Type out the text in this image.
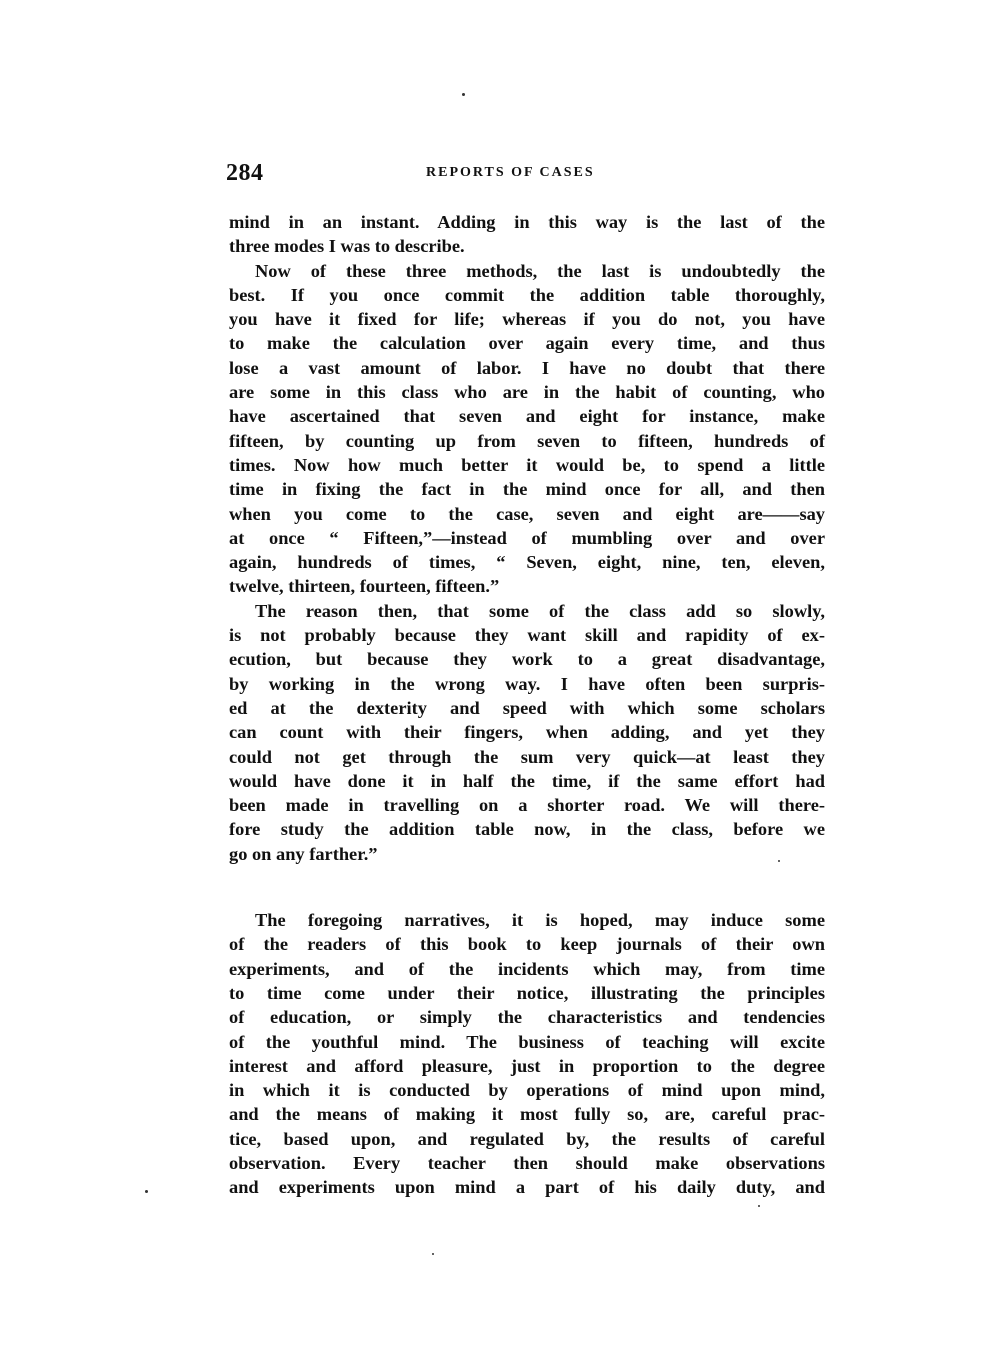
284	REPORTS OF CASES
mind in an instant. Adding in this way is the last of the
three modes I was to describe.
Now of these three methods, the last is undoubtedly the
best. If you once commit the addition table thoroughly,
you have it fixed for life; whereas if you do not, you have
to make the calculation over again every time, and thus
lose a vast amount of labor. I have no doubt that there
are some in this class who are in the habit of counting, who
have ascertained that seven and eight for instance, make
fifteen, by counting up from seven to fifteen, hundreds of
times. Now how much better it would be, to spend a little
time in fixing the fact in the mind once for all, and then
when you come to the case, seven and eight are——say
at once “ Fifteen,”—instead of mumbling over and over
again, hundreds of times, “ Seven, eight, nine, ten, eleven,
twelve, thirteen, fourteen, fifteen.”
The reason then, that some of the class add so slowly,
is not probably because they want skill and rapidity of ex-
ecution, but because they work to a great disadvantage,
by working in the wrong way. I have often been surpris-
ed at the dexterity and speed with which some scholars
can count with their fingers, when adding, and yet they
could not get through the sum very quick—at least they
would have done it in half the time, if the same effort had
been made in travelling on a shorter road. We will there-
fore study the addition table now, in the class, before we
go on any farther.”
The foregoing narratives, it is hoped, may induce some
of the readers of this book to keep journals of their own
experiments, and of the incidents which may, from time
to time come under their notice, illustrating the principles
of education, or simply the characteristics and tendencies
of the youthful mind. The business of teaching will excite
interest and afford pleasure, just in proportion to the degree
in which it is conducted by operations of mind upon mind,
and the means of making it most fully so, are, careful prac-
tice, based upon, and regulated by, the results of careful
observation. Every teacher then should make observations
and experiments upon mind a part of his daily duty, and
